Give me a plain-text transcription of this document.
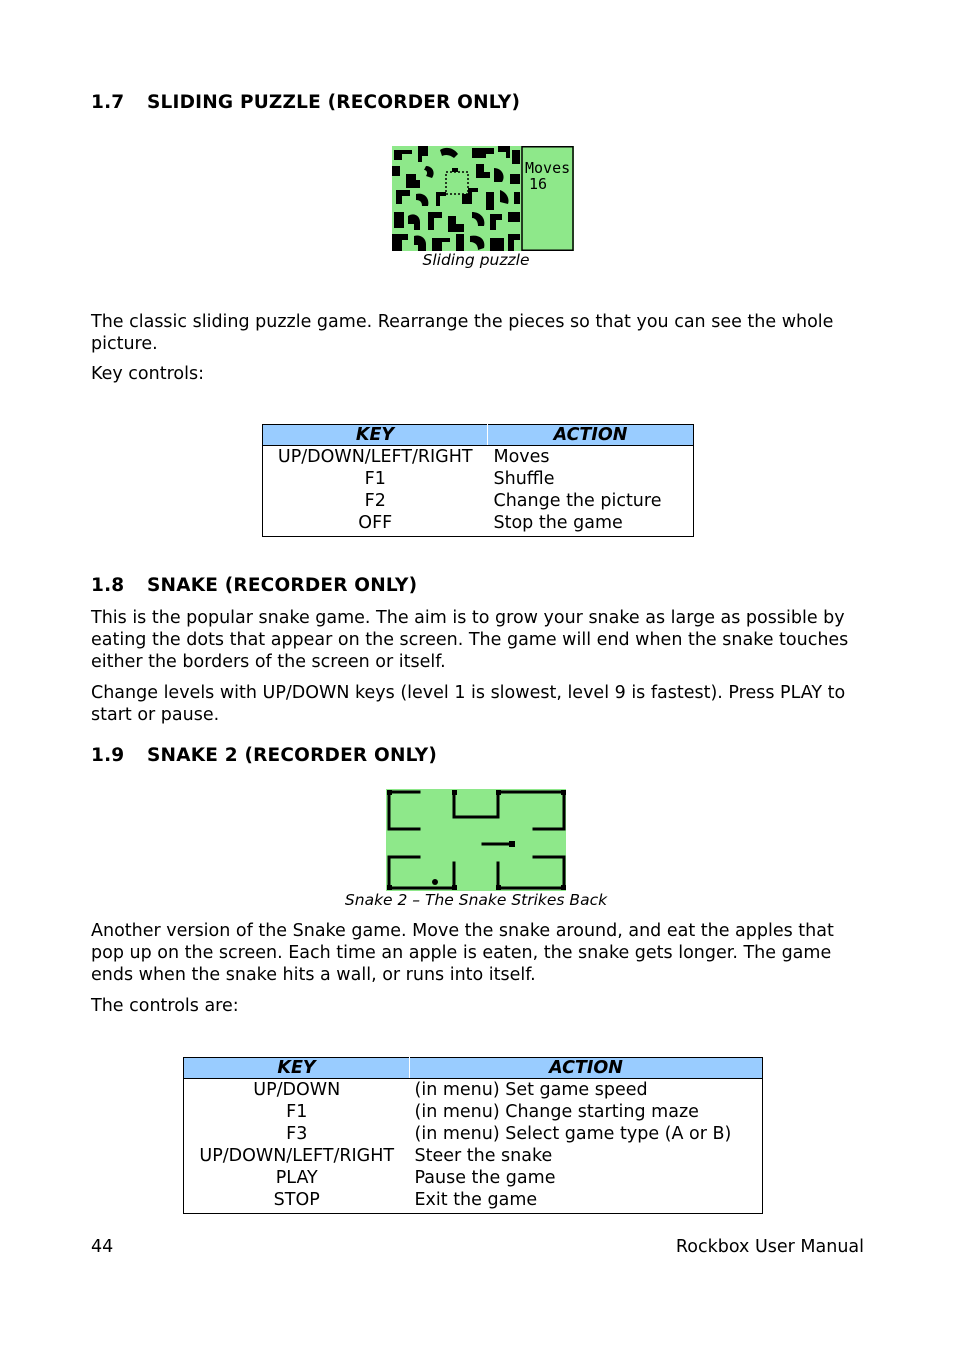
1.7 SLIDING PUZZLE (RECORDER ONLY)
Moves
16
Sliding puzzle

The classic sliding puzzle game. Rearrange the pieces so that you can see the whole picture.

Key controls:

KEY	ACTION
UP/DOWN/LEFT/RIGHT	Moves
F1	Shuffle
F2	Change the picture
OFF	Stop the game
1.8 SNAKE (RECORDER ONLY)

This is the popular snake game. The aim is to grow your snake as large as possible by eating the dots that appear on the screen. The game will end when the snake touches either the borders of the screen or itself.

Change levels with UP/DOWN keys (level 1 is slowest, level 9 is fastest). Press PLAY to start or pause.

1.9 SNAKE 2 (RECORDER ONLY)
Snake 2 – The Snake Strikes Back

Another version of the Snake game. Move the snake around, and eat the apples that pop up on the screen. Each time an apple is eaten, the snake gets longer. The game ends when the snake hits a wall, or runs into itself.

The controls are:

KEY	ACTION
UP/DOWN	(in menu) Set game speed
F1	(in menu) Change starting maze
F3	(in menu) Select game type (A or B)
UP/DOWN/LEFT/RIGHT	Steer the snake
PLAY	Pause the game
STOP	Exit the game
44	Rockbox User Manual
